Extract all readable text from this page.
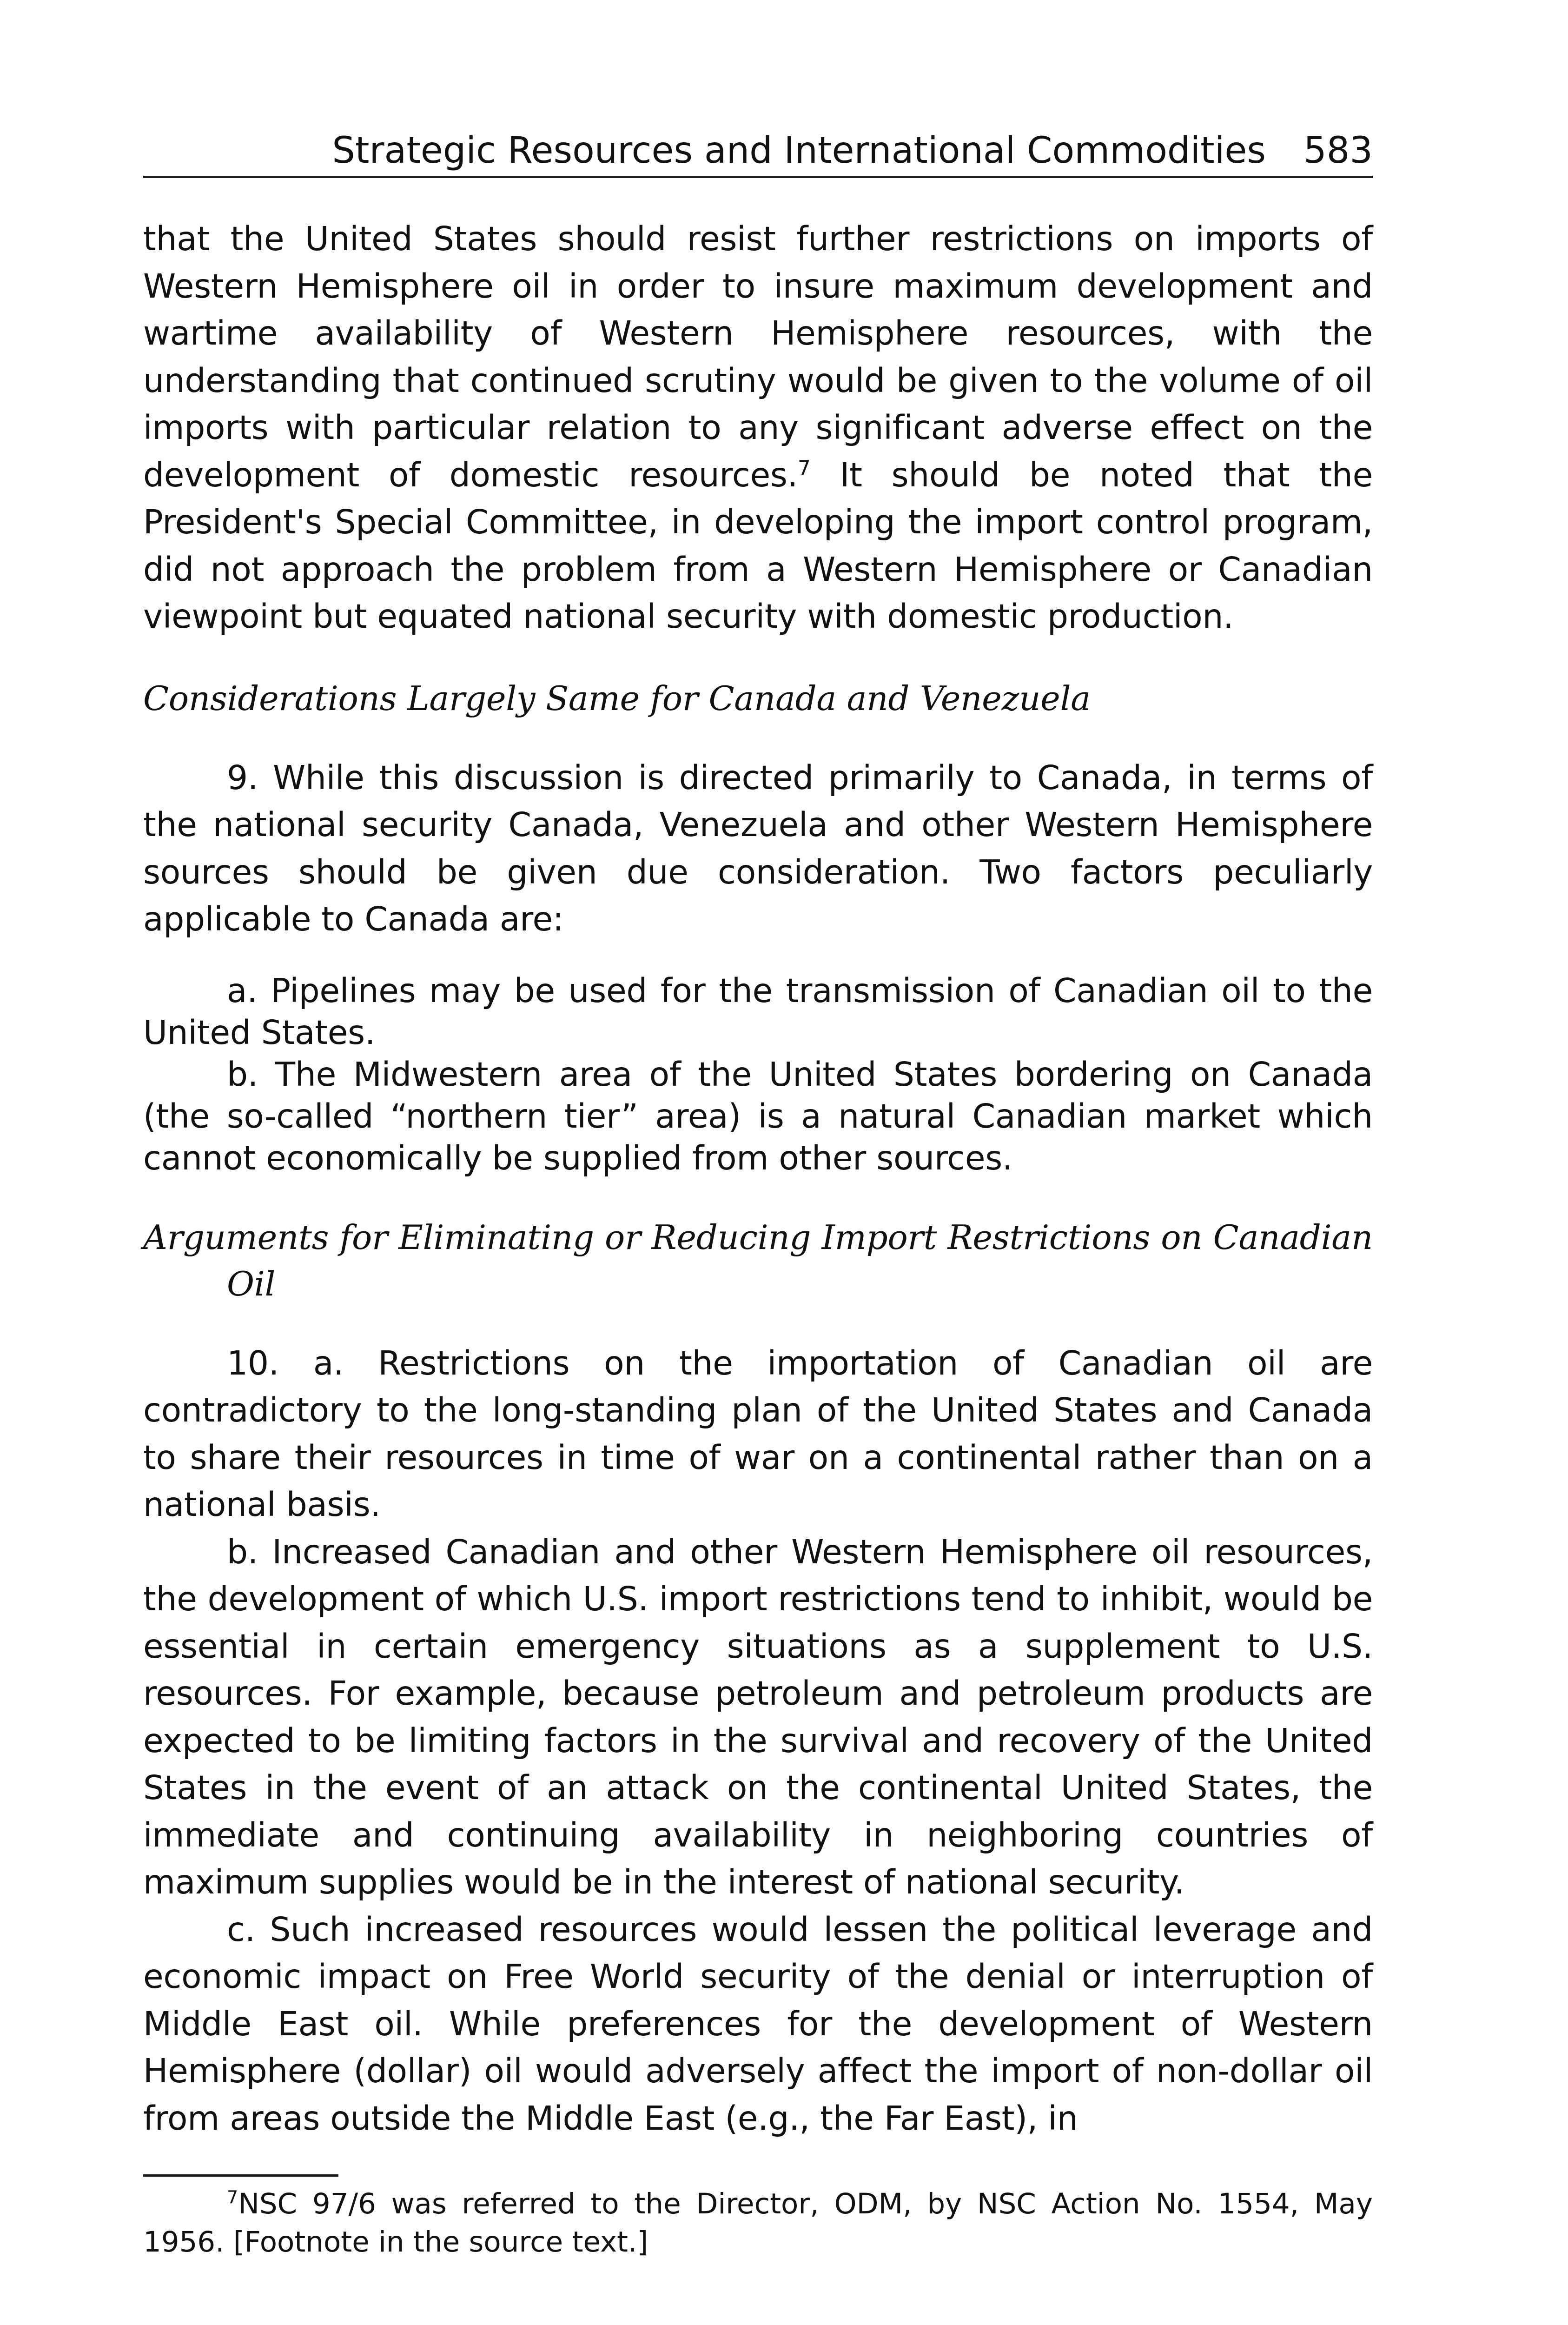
Strategic Resources and International Commodities 583

that the United States should resist further restrictions on imports of Western Hemisphere oil in order to insure maximum development and wartime availability of Western Hemisphere resources, with the understanding that continued scrutiny would be given to the volume of oil imports with particular relation to any significant adverse effect on the development of domestic resources.$^7$ It should be noted that the President's Special Committee, in developing the import control program, did not approach the problem from a Western Hemisphere or Canadian viewpoint but equated national security with domestic production.

Considerations Largely Same for Canada and Venezuela

9. While this discussion is directed primarily to Canada, in terms of the national security Canada, Venezuela and other Western Hemisphere sources should be given due consideration. Two factors peculiarly applicable to Canada are:

a. Pipelines may be used for the transmission of Canadian oil to the United States.

b. The Midwestern area of the United States bordering on Canada (the so-called “northern tier” area) is a natural Canadian market which cannot economically be supplied from other sources.

Arguments for Eliminating or Reducing Import Restrictions on Canadian Oil

10. a. Restrictions on the importation of Canadian oil are contradictory to the long-standing plan of the United States and Canada to share their resources in time of war on a continental rather than on a national basis.

b. Increased Canadian and other Western Hemisphere oil resources, the development of which U.S. import restrictions tend to inhibit, would be essential in certain emergency situations as a supplement to U.S. resources. For example, because petroleum and petroleum products are expected to be limiting factors in the survival and recovery of the United States in the event of an attack on the continental United States, the immediate and continuing availability in neighboring countries of maximum supplies would be in the interest of national security.

c. Such increased resources would lessen the political leverage and economic impact on Free World security of the denial or interruption of Middle East oil. While preferences for the development of Western Hemisphere (dollar) oil would adversely affect the import of non-dollar oil from areas outside the Middle East (e.g., the Far East), in

$^7$NSC 97/6 was referred to the Director, ODM, by NSC Action No. 1554, May 1956. [Footnote in the source text.]
